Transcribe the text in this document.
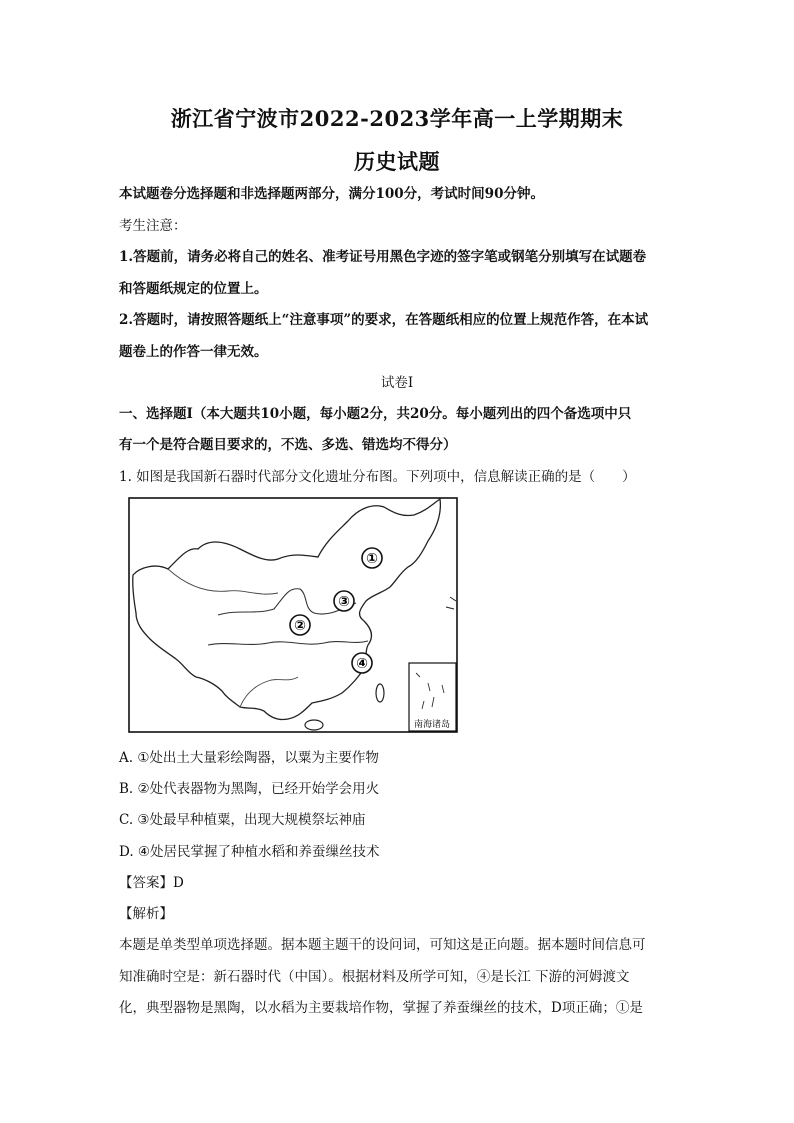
浙江省宁波市2022-2023学年高一上学期期末
历史试题
本试题卷分选择题和非选择题两部分，满分100分，考试时间90分钟。
考生注意：
1.答题前，请务必将自己的姓名、准考证号用黑色字迹的签字笔或钢笔分别填写在试题卷
和答题纸规定的位置上。
2.答题时，请按照答题纸上“注意事项”的要求，在答题纸相应的位置上规范作答，在本试
题卷上的作答一律无效。
试卷Ⅰ
一、选择题Ⅰ（本大题共10小题，每小题2分，共20分。每小题列出的四个备选项中只
有一个是符合题目要求的，不选、多选、错选均不得分）
1. 如图是我国新石器时代部分文化遗址分布图。下列项中，信息解读正确的是（　　）
①
②
③
④
南海诸岛
A. ①处出土大量彩绘陶器，以粟为主要作物
B. ②处代表器物为黑陶，已经开始学会用火
C. ③处最早种植粟，出现大规模祭坛神庙
D. ④处居民掌握了种植水稻和养蚕缫丝技术
【答案】D
【解析】
本题是单类型单项选择题。据本题主题干的设问词，可知这是正向题。据本题时间信息可
知准确时空是：新石器时代（中国）。根据材料及所学可知，④是长江 下游的河姆渡文
化，典型器物是黑陶，以水稻为主要栽培作物，掌握了养蚕缫丝的技术，D项正确；①是
